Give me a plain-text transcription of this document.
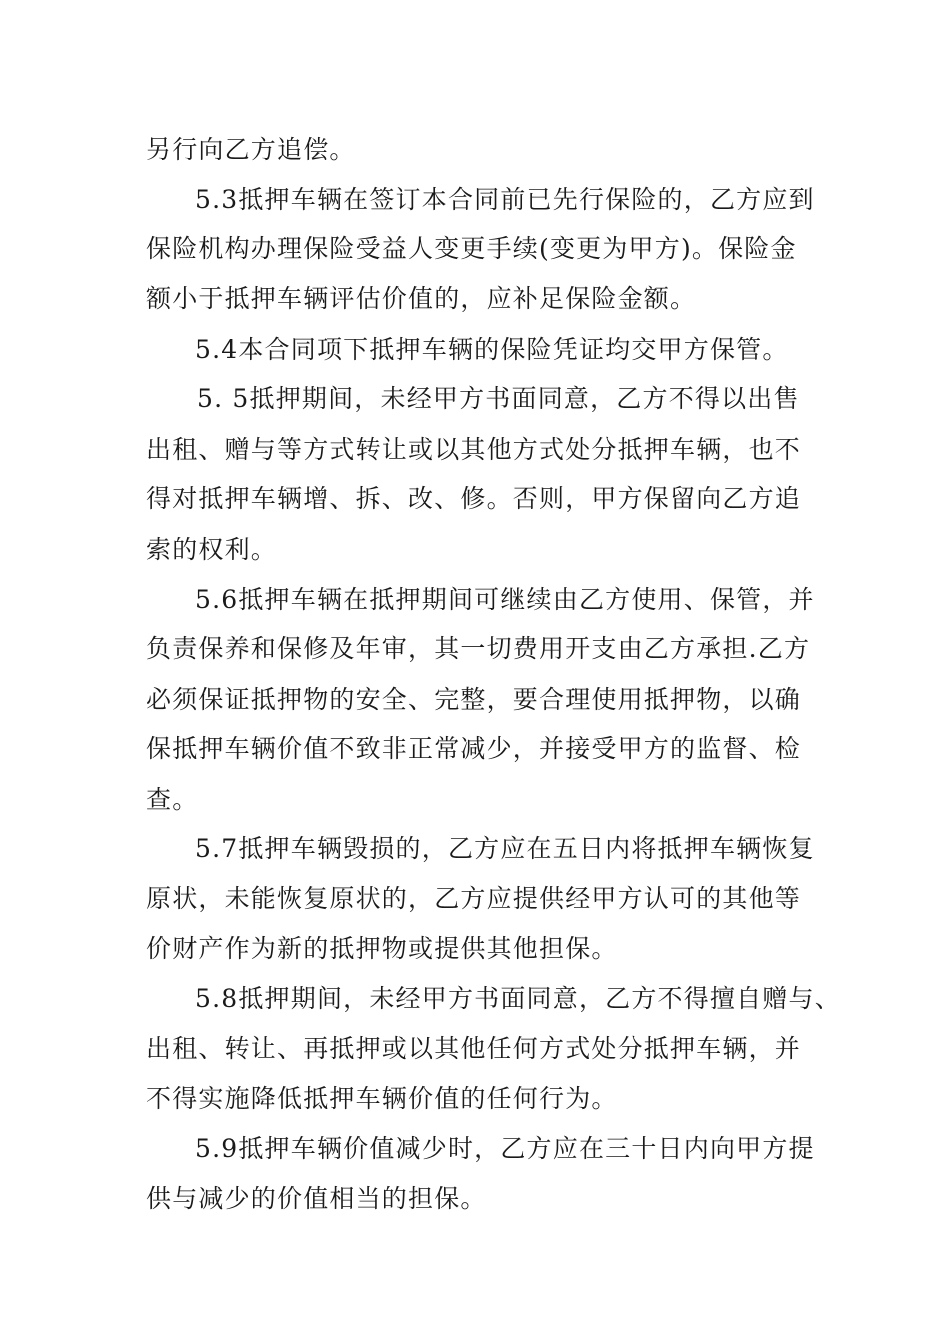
另行向乙方追偿。
5.3抵押车辆在签订本合同前已先行保险的，乙方应到
保险机构办理保险受益人变更手续(变更为甲方)。保险金
额小于抵押车辆评估价值的，应补足保险金额。
5.4本合同项下抵押车辆的保险凭证均交甲方保管。
5. 5抵押期间，未经甲方书面同意，乙方不得以出售
出租、赠与等方式转让或以其他方式处分抵押车辆，也不
得对抵押车辆增、拆、改、修。否则，甲方保留向乙方追
索的权利。
5.6抵押车辆在抵押期间可继续由乙方使用、保管，并
负责保养和保修及年审，其一切费用开支由乙方承担.乙方
必须保证抵押物的安全、完整，要合理使用抵押物，以确
保抵押车辆价值不致非正常减少，并接受甲方的监督、检
查。
5.7抵押车辆毁损的，乙方应在五日内将抵押车辆恢复
原状，未能恢复原状的，乙方应提供经甲方认可的其他等
价财产作为新的抵押物或提供其他担保。
5.8抵押期间，未经甲方书面同意，乙方不得擅自赠与、
出租、转让、再抵押或以其他任何方式处分抵押车辆，并
不得实施降低抵押车辆价值的任何行为。
5.9抵押车辆价值减少时，乙方应在三十日内向甲方提
供与减少的价值相当的担保。
